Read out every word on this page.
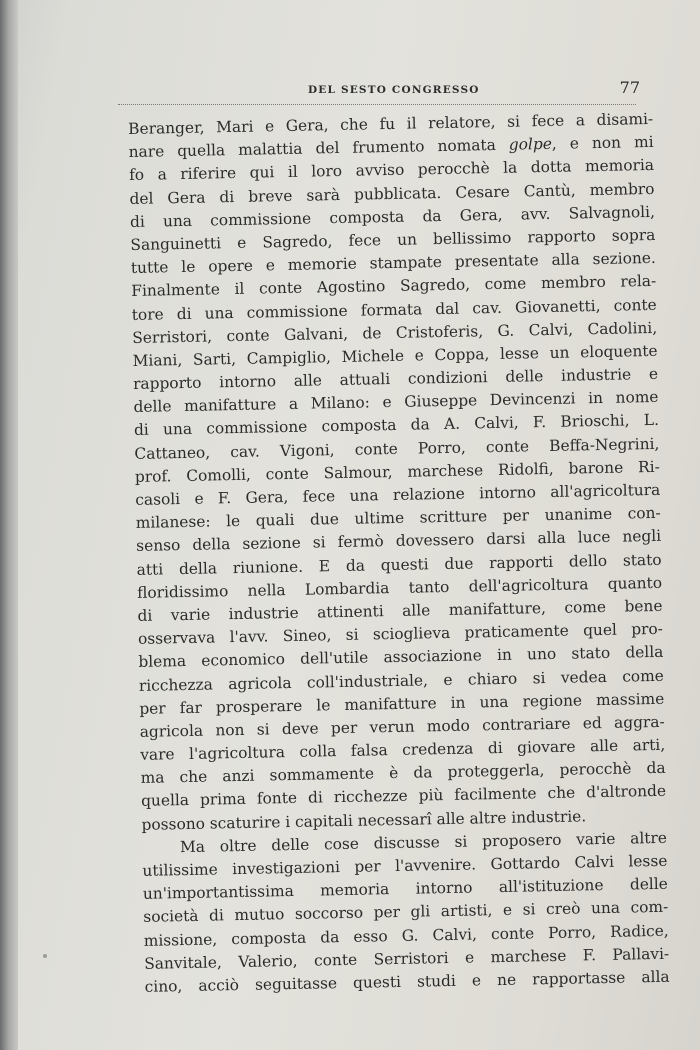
DEL SESTO CONGRESSO	77
Beranger, Mari e Gera, che fu il relatore, si fece a disami-
nare quella malattia del frumento nomata golpe, e non mi
fo a riferire qui il loro avviso perocchè la dotta memoria
del Gera di breve sarà pubblicata. Cesare Cantù, membro
di una commissione composta da Gera, avv. Salvagnoli,
Sanguinetti e Sagredo, fece un bellissimo rapporto sopra
tutte le opere e memorie stampate presentate alla sezione.
Finalmente il conte Agostino Sagredo, come membro rela-
tore di una commissione formata dal cav. Giovanetti, conte
Serristori, conte Galvani, de Cristoferis, G. Calvi, Cadolini,
Miani, Sarti, Campiglio, Michele e Coppa, lesse un eloquente
rapporto intorno alle attuali condizioni delle industrie e
delle manifatture a Milano: e Giuseppe Devincenzi in nome
di una commissione composta da A. Calvi, F. Brioschi, L.
Cattaneo, cav. Vigoni, conte Porro, conte Beffa-Negrini,
prof. Comolli, conte Salmour, marchese Ridolfi, barone Ri-
casoli e F. Gera, fece una relazione intorno all'agricoltura
milanese: le quali due ultime scritture per unanime con-
senso della sezione si fermò dovessero darsi alla luce negli
atti della riunione. E da questi due rapporti dello stato
floridissimo nella Lombardia tanto dell'agricoltura quanto
di varie industrie attinenti alle manifatture, come bene
osservava l'avv. Sineo, si scioglieva praticamente quel pro-
blema economico dell'utile associazione in uno stato della
ricchezza agricola coll'industriale, e chiaro si vedea come
per far prosperare le manifatture in una regione massime
agricola non si deve per verun modo contrariare ed aggra-
vare l'agricoltura colla falsa credenza di giovare alle arti,
ma che anzi sommamente è da proteggerla, perocchè da
quella prima fonte di ricchezze più facilmente che d'altronde
possono scaturire i capitali necessarî alle altre industrie.
Ma oltre delle cose discusse si proposero varie altre
utilissime investigazioni per l'avvenire. Gottardo Calvi lesse
un'importantissima memoria intorno all'istituzione delle
società di mutuo soccorso per gli artisti, e si creò una com-
missione, composta da esso G. Calvi, conte Porro, Radice,
Sanvitale, Valerio, conte Serristori e marchese F. Pallavi-
cino, acciò seguitasse questi studi e ne rapportasse alla
